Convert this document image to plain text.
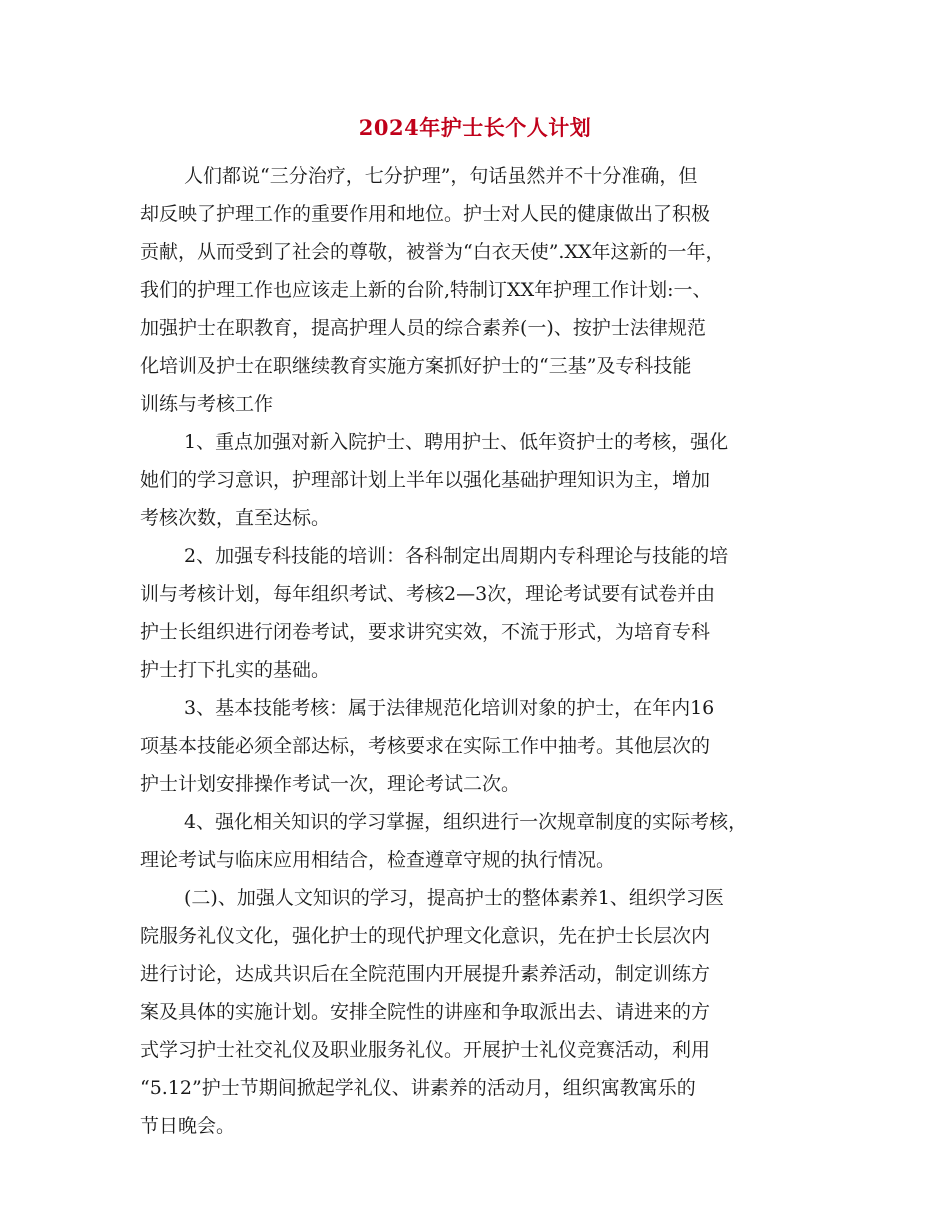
2024年护士长个人计划

人们都说“三分治疗，七分护理”，句话虽然并不十分准确，但
却反映了护理工作的重要作用和地位。护士对人民的健康做出了积极
贡献，从而受到了社会的尊敬，被誉为“白衣天使”.XX年这新的一年，
我们的护理工作也应该走上新的台阶,特制订XX年护理工作计划:一、
加强护士在职教育，提高护理人员的综合素养(一)、按护士法律规范
化培训及护士在职继续教育实施方案抓好护士的“三基”及专科技能
训练与考核工作

1、重点加强对新入院护士、聘用护士、低年资护士的考核，强化
她们的学习意识，护理部计划上半年以强化基础护理知识为主，增加
考核次数，直至达标。

2、加强专科技能的培训：各科制定出周期内专科理论与技能的培
训与考核计划，每年组织考试、考核2—3次，理论考试要有试卷并由
护士长组织进行闭卷考试，要求讲究实效，不流于形式，为培育专科
护士打下扎实的基础。

3、基本技能考核：属于法律规范化培训对象的护士，在年内16
项基本技能必须全部达标，考核要求在实际工作中抽考。其他层次的
护士计划安排操作考试一次，理论考试二次。

4、强化相关知识的学习掌握，组织进行一次规章制度的实际考核，
理论考试与临床应用相结合，检查遵章守规的执行情况。

(二)、加强人文知识的学习，提高护士的整体素养1、组织学习医
院服务礼仪文化，强化护士的现代护理文化意识，先在护士长层次内
进行讨论，达成共识后在全院范围内开展提升素养活动，制定训练方
案及具体的实施计划。安排全院性的讲座和争取派出去、请进来的方
式学习护士社交礼仪及职业服务礼仪。开展护士礼仪竞赛活动，利用
“5.12”护士节期间掀起学礼仪、讲素养的活动月，组织寓教寓乐的
节日晚会。
